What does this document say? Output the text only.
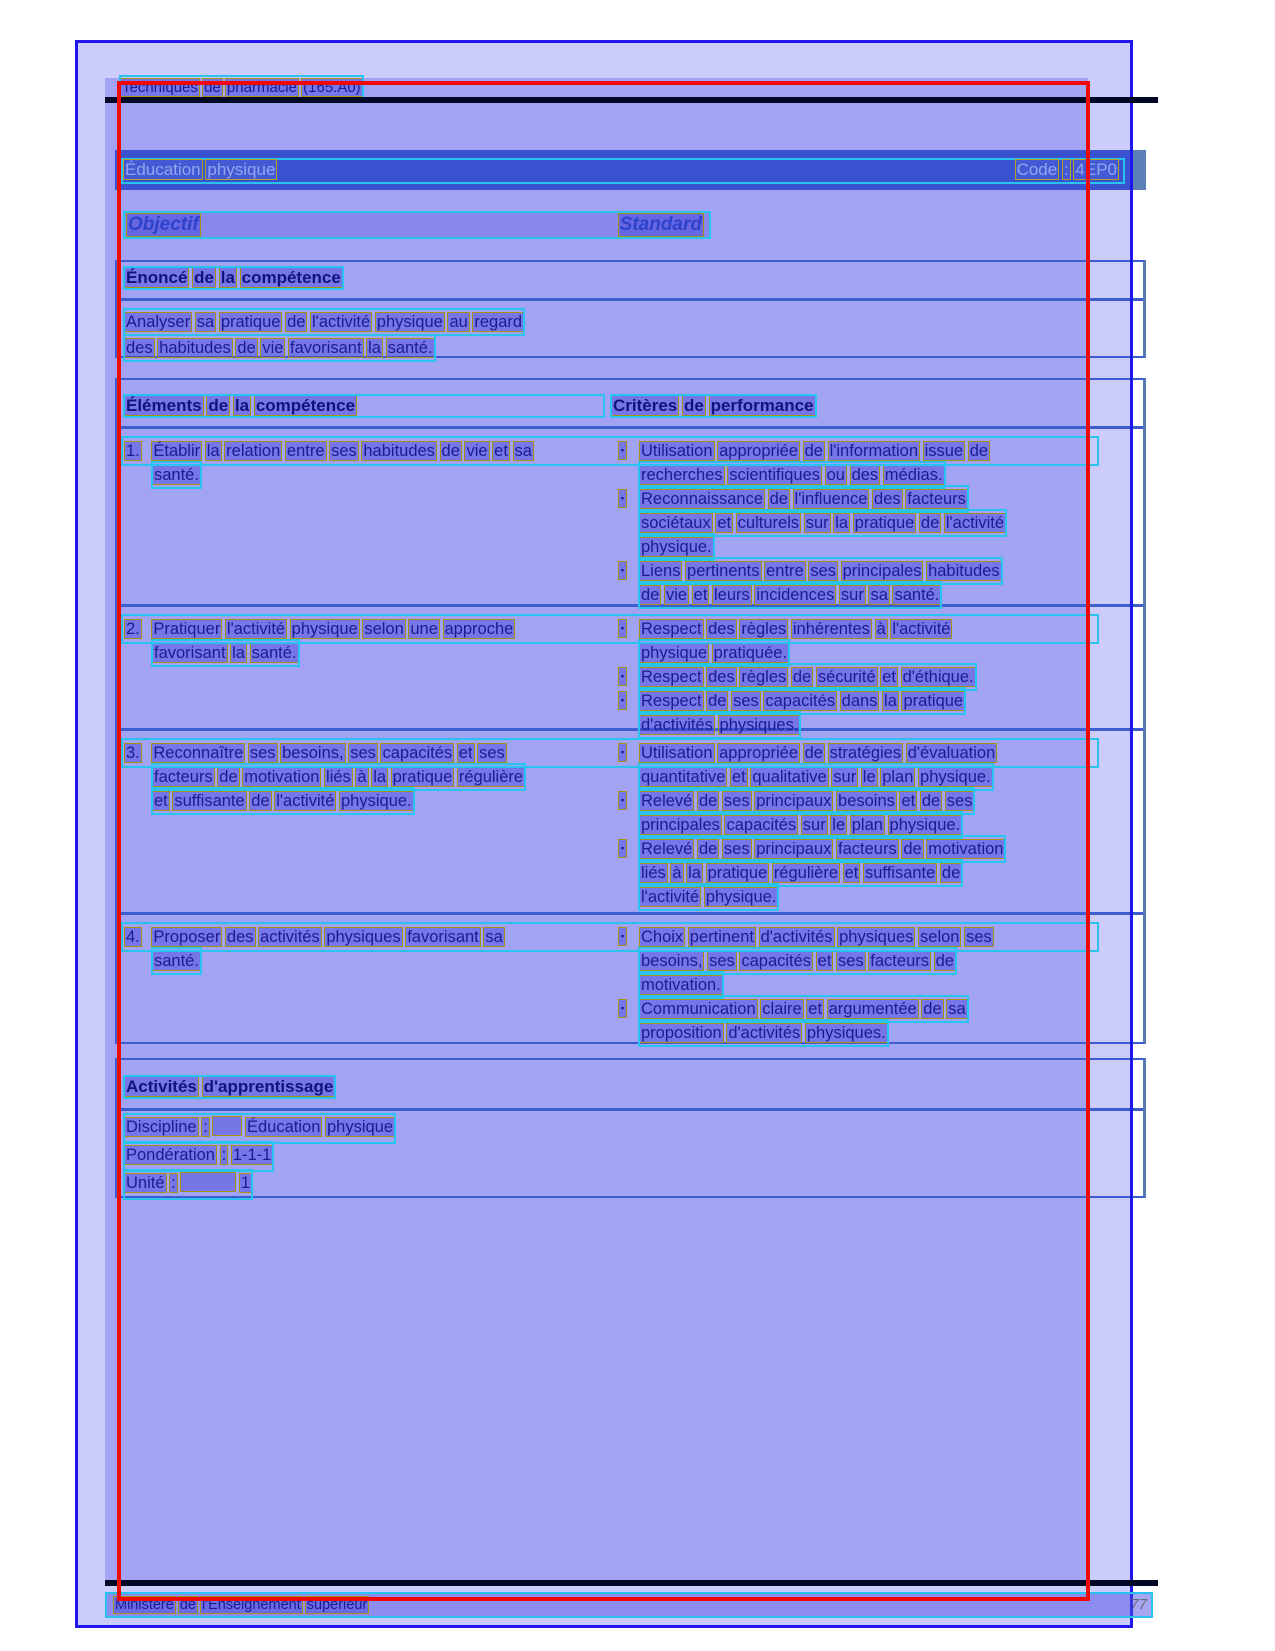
Techniques de pharmacie (165.A0)
Éducation physique	Code : 4EP0
Objectif	Standard
Énoncé de la compétence
Analyser sa pratique de l'activité physique au regard
des habitudes de vie favorisant la santé.
Éléments de la compétence	Critères de performance
1. Établir la relation entre ses habitudes de vie et sa
santé.
▪ Utilisation appropriée de l'information issue de
recherches scientifiques ou des médias.
▪ Reconnaissance de l'influence des facteurs
sociétaux et culturels sur la pratique de l'activité
physique.
▪ Liens pertinents entre ses principales habitudes
de vie et leurs incidences sur sa santé.
2. Pratiquer l'activité physique selon une approche
favorisant la santé.
▪ Respect des règles inhérentes à l'activité
physique pratiquée.
▪ Respect des règles de sécurité et d'éthique.
▪ Respect de ses capacités dans la pratique
d'activités physiques.
3. Reconnaître ses besoins, ses capacités et ses
facteurs de motivation liés à la pratique régulière
et suffisante de l'activité physique.
▪ Utilisation appropriée de stratégies d'évaluation
quantitative et qualitative sur le plan physique.
▪ Relevé de ses principaux besoins et de ses
principales capacités sur le plan physique.
▪ Relevé de ses principaux facteurs de motivation
liés à la pratique régulière et suffisante de
l'activité physique.
4. Proposer des activités physiques favorisant sa
santé.
▪ Choix pertinent d'activités physiques selon ses
besoins, ses capacités et ses facteurs de
motivation.
▪ Communication claire et argumentée de sa
proposition d'activités physiques.
Activités d'apprentissage
Discipline : Éducation physique
Pondération : 1-1-1
Unité :	1
Ministère de l'Enseignement supérieur	77
